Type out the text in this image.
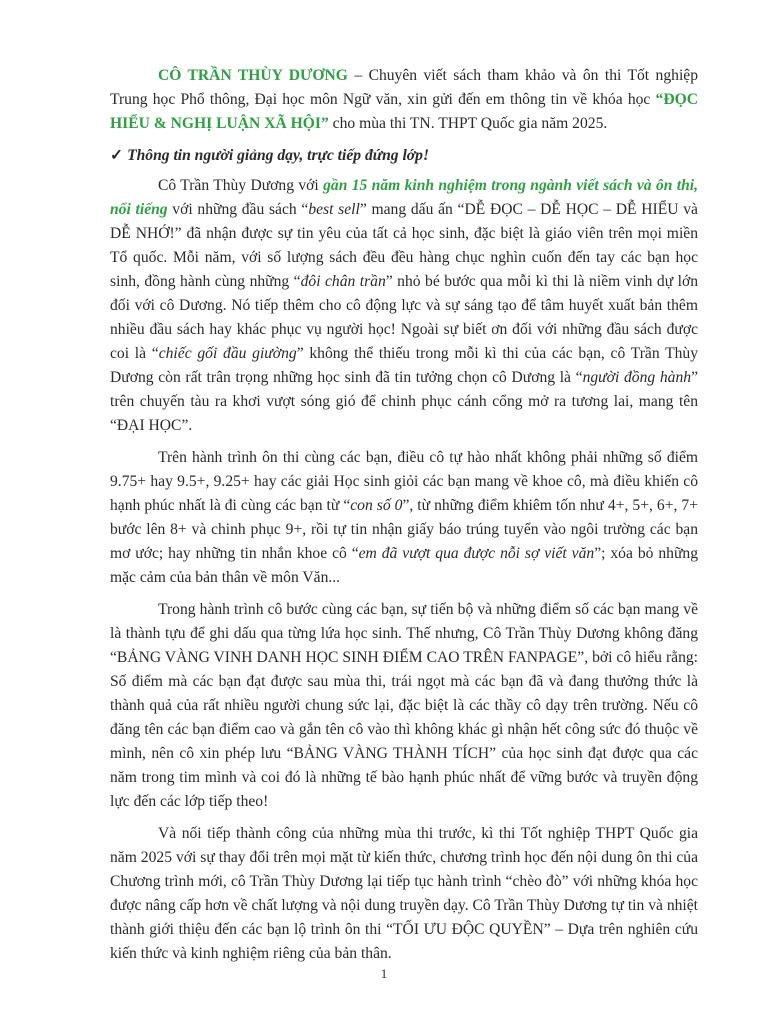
CÔ TRẦN THÙY DƯƠNG – Chuyên viết sách tham khảo và ôn thi Tốt nghiệp Trung học Phổ thông, Đại học môn Ngữ văn, xin gửi đến em thông tin về khóa học “ĐỌC HIỂU & NGHỊ LUẬN XÃ HỘI” cho mùa thi TN. THPT Quốc gia năm 2025.

✓ Thông tin người giảng dạy, trực tiếp đứng lớp!

Cô Trần Thùy Dương với gần 15 năm kinh nghiệm trong ngành viết sách và ôn thi, nổi tiếng với những đầu sách “best sell” mang dấu ấn “DỄ ĐỌC – DỄ HỌC – DỄ HIỂU và DỄ NHỚ!” đã nhận được sự tin yêu của tất cả học sinh, đặc biệt là giáo viên trên mọi miền Tổ quốc. Mỗi năm, với số lượng sách đều đều hàng chục nghìn cuốn đến tay các bạn học sinh, đồng hành cùng những “đôi chân trần” nhỏ bé bước qua mỗi kì thi là niềm vinh dự lớn đối với cô Dương. Nó tiếp thêm cho cô động lực và sự sáng tạo để tâm huyết xuất bản thêm nhiều đầu sách hay khác phục vụ người học! Ngoài sự biết ơn đối với những đầu sách được coi là “chiếc gối đầu giường” không thể thiếu trong mỗi kì thi của các bạn, cô Trần Thùy Dương còn rất trân trọng những học sinh đã tin tưởng chọn cô Dương là “người đồng hành” trên chuyến tàu ra khơi vượt sóng gió để chinh phục cánh cổng mở ra tương lai, mang tên “ĐẠI HỌC”.

Trên hành trình ôn thi cùng các bạn, điều cô tự hào nhất không phải những số điểm 9.75+ hay 9.5+, 9.25+ hay các giải Học sinh giỏi các bạn mang về khoe cô, mà điều khiến cô hạnh phúc nhất là đi cùng các bạn từ “con số 0”, từ những điểm khiêm tốn như 4+, 5+, 6+, 7+ bước lên 8+ và chinh phục 9+, rồi tự tin nhận giấy báo trúng tuyển vào ngôi trường các bạn mơ ước; hay những tin nhắn khoe cô “em đã vượt qua được nỗi sợ viết văn”; xóa bỏ những mặc cảm của bản thân về môn Văn...

Trong hành trình cô bước cùng các bạn, sự tiến bộ và những điểm số các bạn mang về là thành tựu để ghi dấu qua từng lứa học sinh. Thế nhưng, Cô Trần Thùy Dương không đăng “BẢNG VÀNG VINH DANH HỌC SINH ĐIỂM CAO TRÊN FANPAGE”, bởi cô hiểu rằng: Số điểm mà các bạn đạt được sau mùa thi, trái ngọt mà các bạn đã và đang thưởng thức là thành quả của rất nhiều người chung sức lại, đặc biệt là các thầy cô dạy trên trường. Nếu cô đăng tên các bạn điểm cao và gắn tên cô vào thì không khác gì nhận hết công sức đó thuộc về mình, nên cô xin phép lưu “BẢNG VÀNG THÀNH TÍCH” của học sinh đạt được qua các năm trong tim mình và coi đó là những tế bào hạnh phúc nhất để vững bước và truyền động lực đến các lớp tiếp theo!

Và nối tiếp thành công của những mùa thi trước, kì thi Tốt nghiệp THPT Quốc gia năm 2025 với sự thay đổi trên mọi mặt từ kiến thức, chương trình học đến nội dung ôn thi của Chương trình mới, cô Trần Thùy Dương lại tiếp tục hành trình “chèo đò” với những khóa học được nâng cấp hơn về chất lượng và nội dung truyền dạy. Cô Trần Thùy Dương tự tin và nhiệt thành giới thiệu đến các bạn lộ trình ôn thi “TỐI ƯU ĐỘC QUYỀN” – Dựa trên nghiên cứu kiến thức và kinh nghiệm riêng của bản thân.

1
